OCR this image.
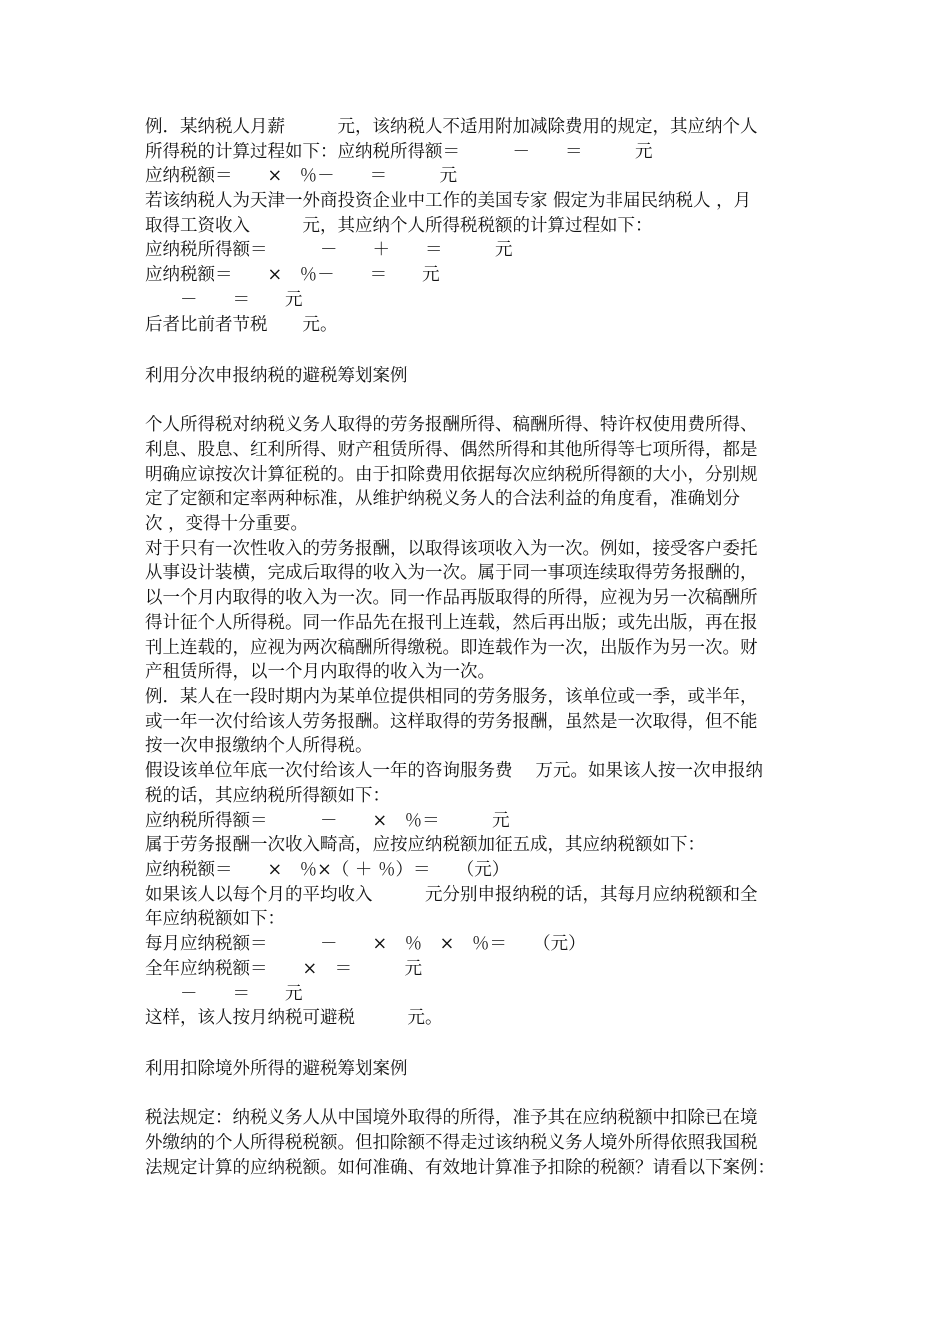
例．某纳税人月薪　　　元，该纳税人不适用附加减除费用的规定，其应纳个人
所得税的计算过程如下：应纳税所得额＝　　　－　　＝　　　元
应纳税额＝　　×　％－　　＝　　　元
若该纳税人为天津一外商投资企业中工作的美国专家 假定为非届民纳税人 ，月
取得工资收入　　　元，其应纳个人所得税税额的计算过程如下：
应纳税所得额＝　　　－　　＋　　＝　　　元
应纳税额＝　　×　％－　　＝　　元
　　－　　＝　　元
后者比前者节税　　元。
利用分次申报纳税的避税筹划案例
个人所得税对纳税义务人取得的劳务报酬所得、稿酬所得、特许权使用费所得、
利息、股息、红利所得、财产租赁所得、偶然所得和其他所得等七项所得，都是
明确应谅按次计算征税的。由于扣除费用依据每次应纳税所得额的大小，分别规
定了定额和定率两种标准，从维护纳税义务人的合法利益的角度看，准确划分
次 ，变得十分重要。
对于只有一次性收入的劳务报酬，以取得该项收入为一次。例如，接受客户委托
从事设计装横，完成后取得的收入为一次。属于同一事项连续取得劳务报酬的，
以一个月内取得的收入为一次。同一作品再版取得的所得，应视为另一次稿酬所
得计征个人所得税。同一作品先在报刊上连载，然后再出版；或先出版，再在报
刊上连载的，应视为两次稿酬所得缴税。即连载作为一次，出版作为另一次。财
产租赁所得，以一个月内取得的收入为一次。
例．某人在一段时期内为某单位提供相同的劳务服务，该单位或一季，或半年，
或一年一次付给该人劳务报酬。这样取得的劳务报酬，虽然是一次取得，但不能
按一次申报缴纳个人所得税。
假设该单位年底一次付给该人一年的咨询服务费　 万元。如果该人按一次申报纳
税的话，其应纳税所得额如下：
应纳税所得额＝　　　－　　×　％＝　　　元
属于劳务报酬一次收入畸高，应按应纳税额加征五成，其应纳税额如下：
应纳税额＝　　×　％×（ ＋ ％）＝　　（元）
如果该人以每个月的平均收入　　　元分别申报纳税的话，其每月应纳税额和全
年应纳税额如下：
每月应纳税额＝　　　－　　×　％　×　％＝　　（元）
全年应纳税额＝　　×　＝　　　元
　　－　　＝　　元
这样，该人按月纳税可避税　　　元。
利用扣除境外所得的避税筹划案例
税法规定：纳税义务人从中国境外取得的所得，准予其在应纳税额中扣除已在境
外缴纳的个人所得税税额。但扣除额不得走过该纳税义务人境外所得依照我国税
法规定计算的应纳税额。如何准确、有效地计算准予扣除的税额？请看以下案例：
